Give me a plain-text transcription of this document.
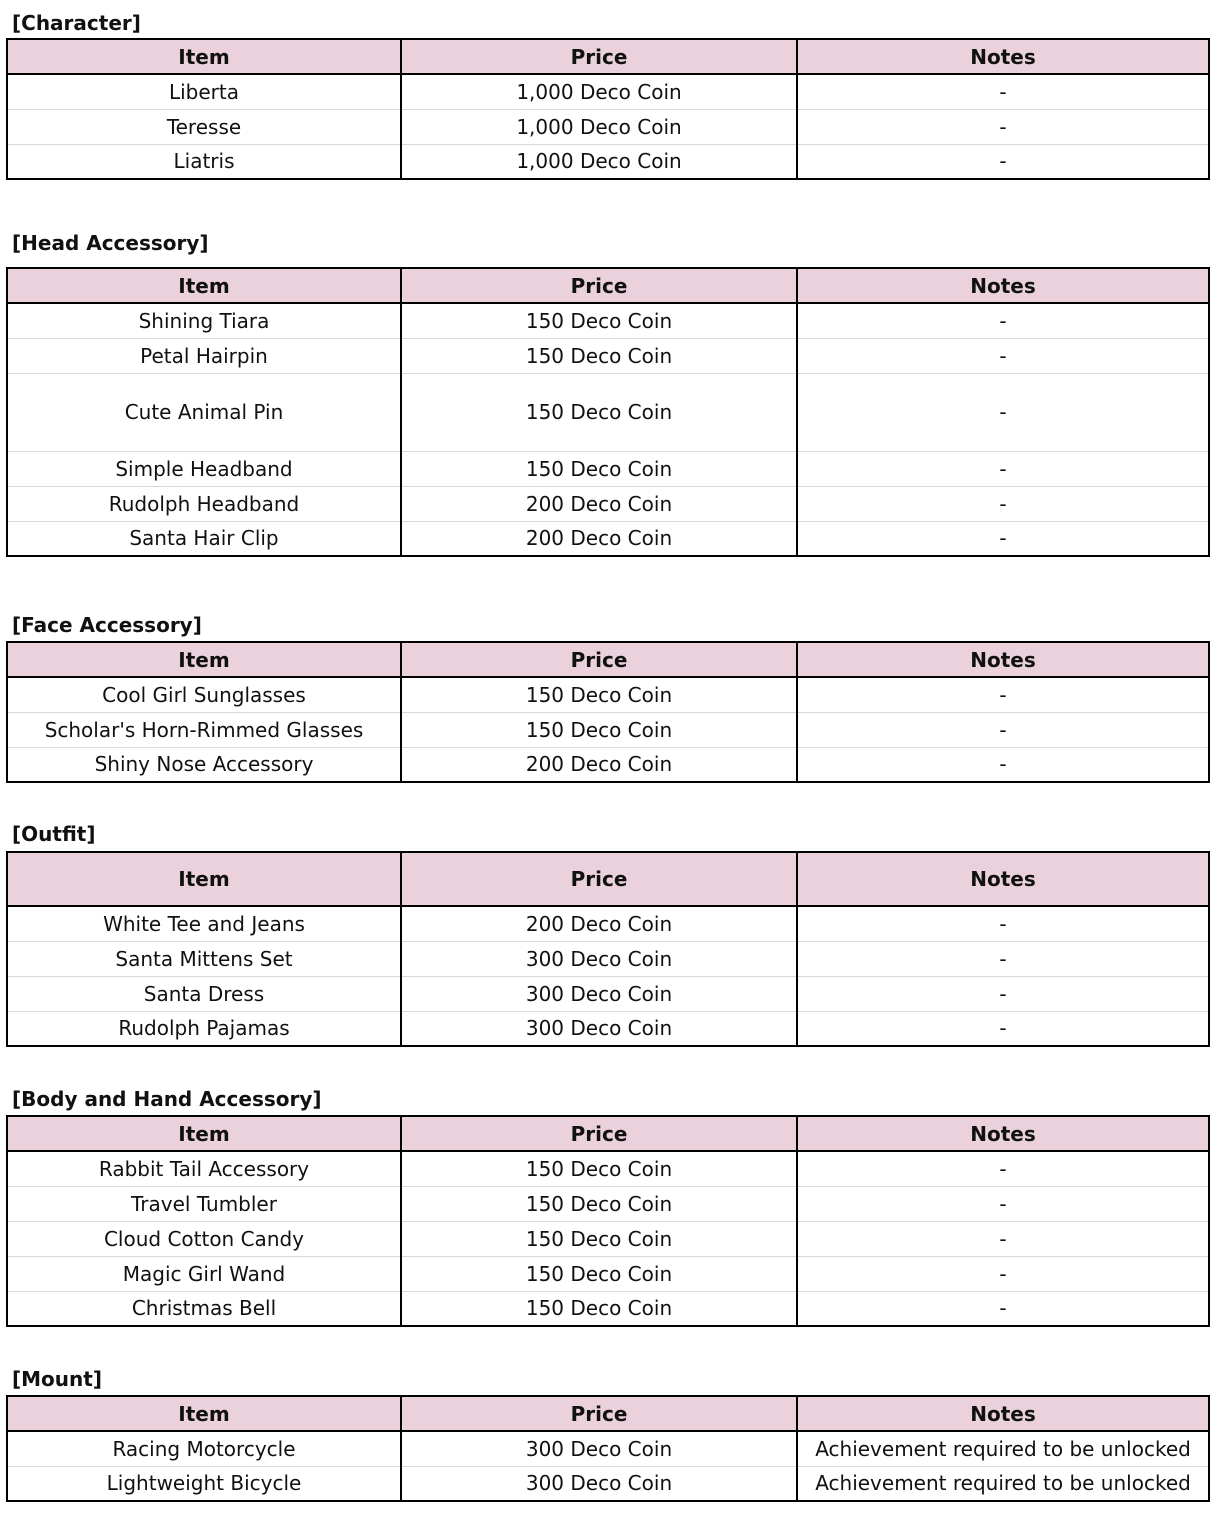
[Character]
Item	Price	Notes
Liberta	1,000 Deco Coin	-
Teresse	1,000 Deco Coin	-
Liatris	1,000 Deco Coin	-
[Head Accessory]
Item	Price	Notes
Shining Tiara	150 Deco Coin	-
Petal Hairpin	150 Deco Coin	-
Cute Animal Pin	150 Deco Coin	-
Simple Headband	150 Deco Coin	-
Rudolph Headband	200 Deco Coin	-
Santa Hair Clip	200 Deco Coin	-
[Face Accessory]
Item	Price	Notes
Cool Girl Sunglasses	150 Deco Coin	-
Scholar's Horn-Rimmed Glasses	150 Deco Coin	-
Shiny Nose Accessory	200 Deco Coin	-
[Outfit]
Item	Price	Notes
White Tee and Jeans	200 Deco Coin	-
Santa Mittens Set	300 Deco Coin	-
Santa Dress	300 Deco Coin	-
Rudolph Pajamas	300 Deco Coin	-
[Body and Hand Accessory]
Item	Price	Notes
Rabbit Tail Accessory	150 Deco Coin	-
Travel Tumbler	150 Deco Coin	-
Cloud Cotton Candy	150 Deco Coin	-
Magic Girl Wand	150 Deco Coin	-
Christmas Bell	150 Deco Coin	-
[Mount]
Item	Price	Notes
Racing Motorcycle	300 Deco Coin	Achievement required to be unlocked
Lightweight Bicycle	300 Deco Coin	Achievement required to be unlocked
